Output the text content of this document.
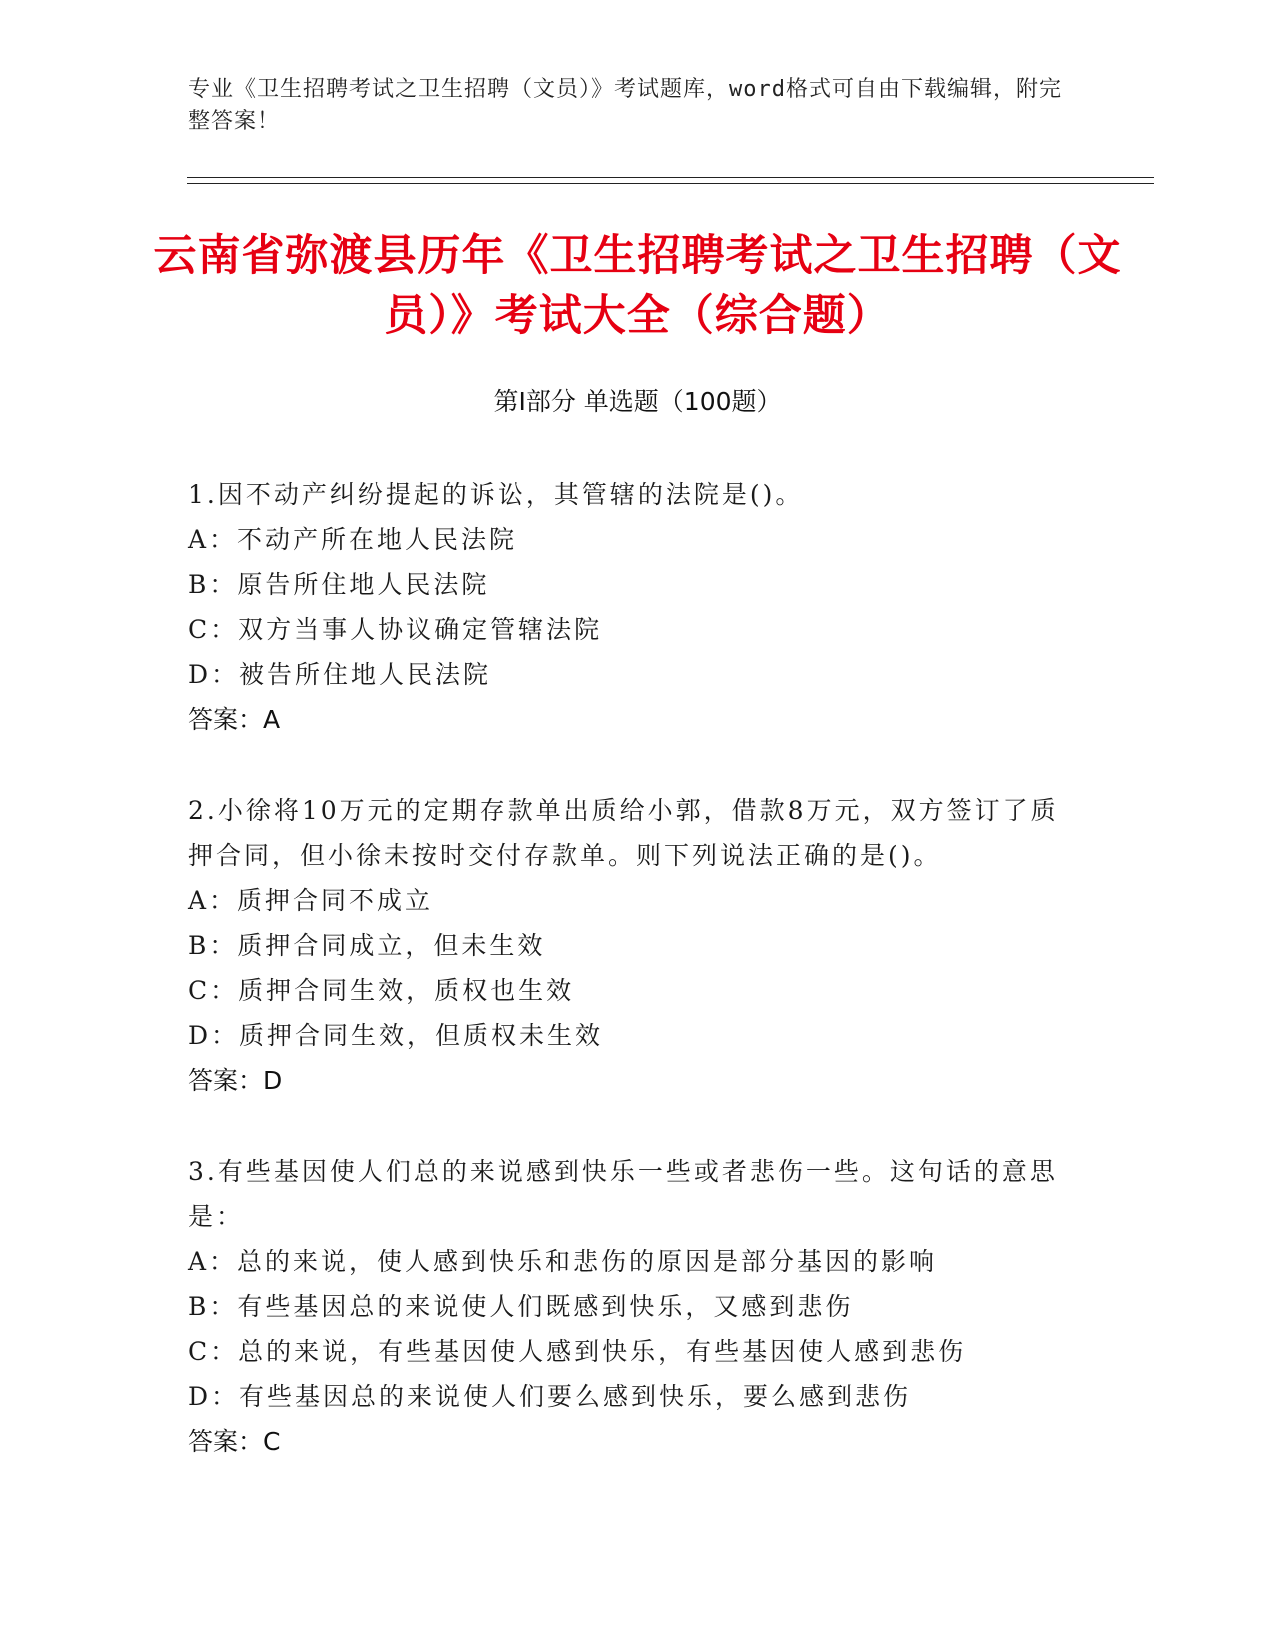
专业《卫生招聘考试之卫生招聘（文员）》考试题库，word格式可自由下载编辑，附完整答案！
云南省弥渡县历年《卫生招聘考试之卫生招聘（文员）》考试大全（综合题）
第Ⅰ部分 单选题（100题）

1.因不动产纠纷提起的诉讼，其管辖的法院是()。

A：不动产所在地人民法院

B：原告所住地人民法院

C：双方当事人协议确定管辖法院

D：被告所住地人民法院

答案：A

2.小徐将10万元的定期存款单出质给小郭，借款8万元，双方签订了质押合同，但小徐未按时交付存款单。则下列说法正确的是()。

A：质押合同不成立

B：质押合同成立，但未生效

C：质押合同生效，质权也生效

D：质押合同生效，但质权未生效

答案：D

3.有些基因使人们总的来说感到快乐一些或者悲伤一些。这句话的意思是：

A：总的来说，使人感到快乐和悲伤的原因是部分基因的影响

B：有些基因总的来说使人们既感到快乐，又感到悲伤

C：总的来说，有些基因使人感到快乐，有些基因使人感到悲伤

D：有些基因总的来说使人们要么感到快乐，要么感到悲伤

答案：C
